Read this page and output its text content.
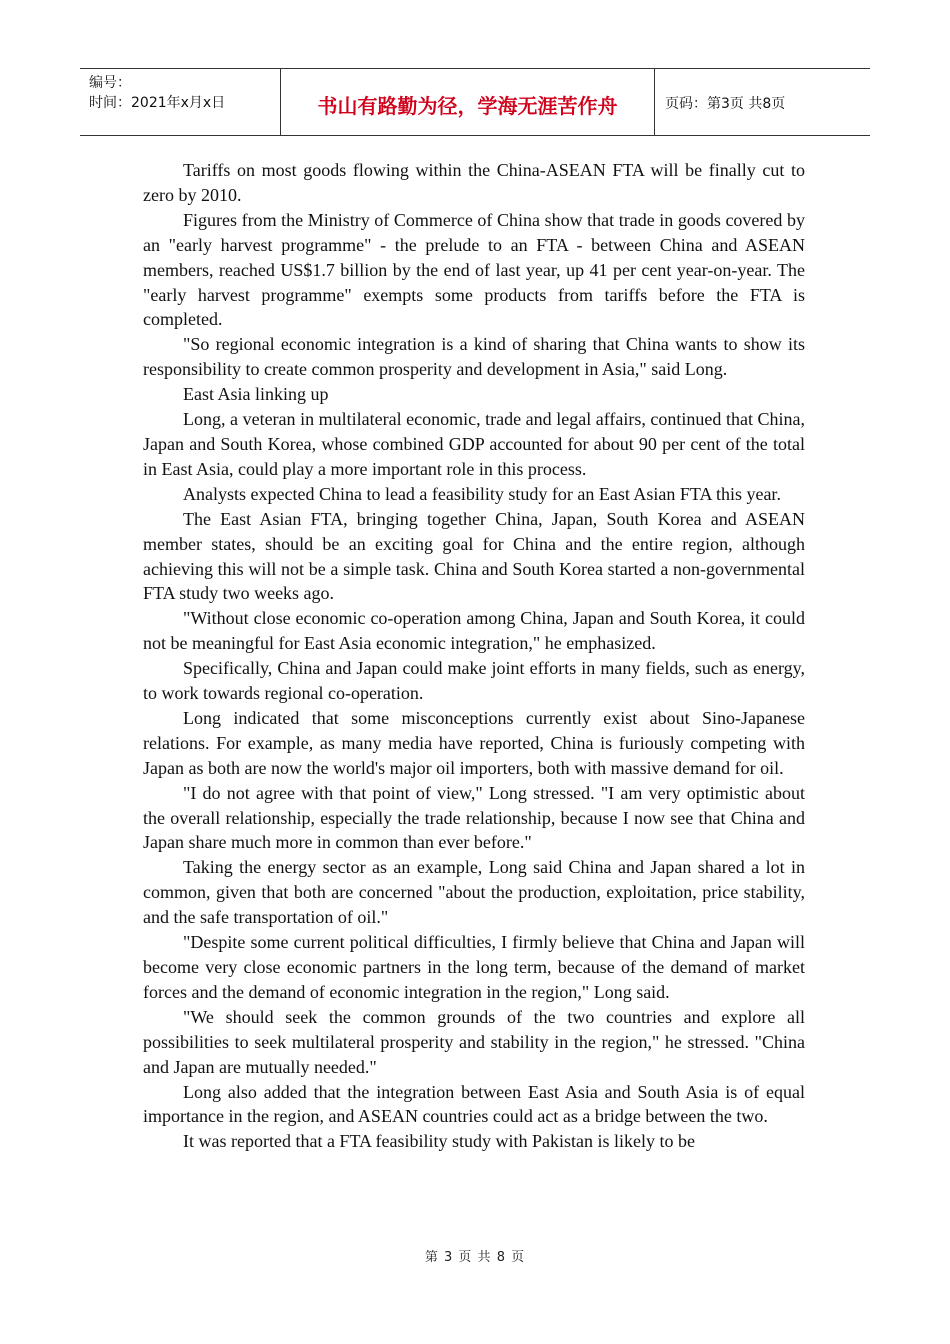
编号：
时间：2021年x月x日	书山有路勤为径，学海无涯苦作舟	页码：第3页 共8页

Tariffs on most goods flowing within the China-ASEAN FTA will be finally cut to zero by 2010.

Figures from the Ministry of Commerce of China show that trade in goods covered by an "early harvest programme" - the prelude to an FTA - between China and ASEAN members, reached US$1.7 billion by the end of last year, up 41 per cent year-on-year. The "early harvest programme" exempts some products from tariffs before the FTA is completed.

"So regional economic integration is a kind of sharing that China wants to show its responsibility to create common prosperity and development in Asia," said Long.

East Asia linking up

Long, a veteran in multilateral economic, trade and legal affairs, continued that China, Japan and South Korea, whose combined GDP accounted for about 90 per cent of the total in East Asia, could play a more important role in this process.

Analysts expected China to lead a feasibility study for an East Asian FTA this year.

The East Asian FTA, bringing together China, Japan, South Korea and ASEAN member states, should be an exciting goal for China and the entire region, although achieving this will not be a simple task. China and South Korea started a non-governmental FTA study two weeks ago.

"Without close economic co-operation among China, Japan and South Korea, it could not be meaningful for East Asia economic integration," he emphasized.

Specifically, China and Japan could make joint efforts in many fields, such as energy, to work towards regional co-operation.

Long indicated that some misconceptions currently exist about Sino-Japanese relations. For example, as many media have reported, China is furiously competing with Japan as both are now the world's major oil importers, both with massive demand for oil.

"I do not agree with that point of view," Long stressed. "I am very optimistic about the overall relationship, especially the trade relationship, because I now see that China and Japan share much more in common than ever before."

Taking the energy sector as an example, Long said China and Japan shared a lot in common, given that both are concerned "about the production, exploitation, price stability, and the safe transportation of oil."

"Despite some current political difficulties, I firmly believe that China and Japan will become very close economic partners in the long term, because of the demand of market forces and the demand of economic integration in the region," Long said.

"We should seek the common grounds of the two countries and explore all possibilities to seek multilateral prosperity and stability in the region," he stressed. "China and Japan are mutually needed."

Long also added that the integration between East Asia and South Asia is of equal importance in the region, and ASEAN countries could act as a bridge between the two.

It was reported that a FTA feasibility study with Pakistan is likely to be

第 3 页 共 8 页
